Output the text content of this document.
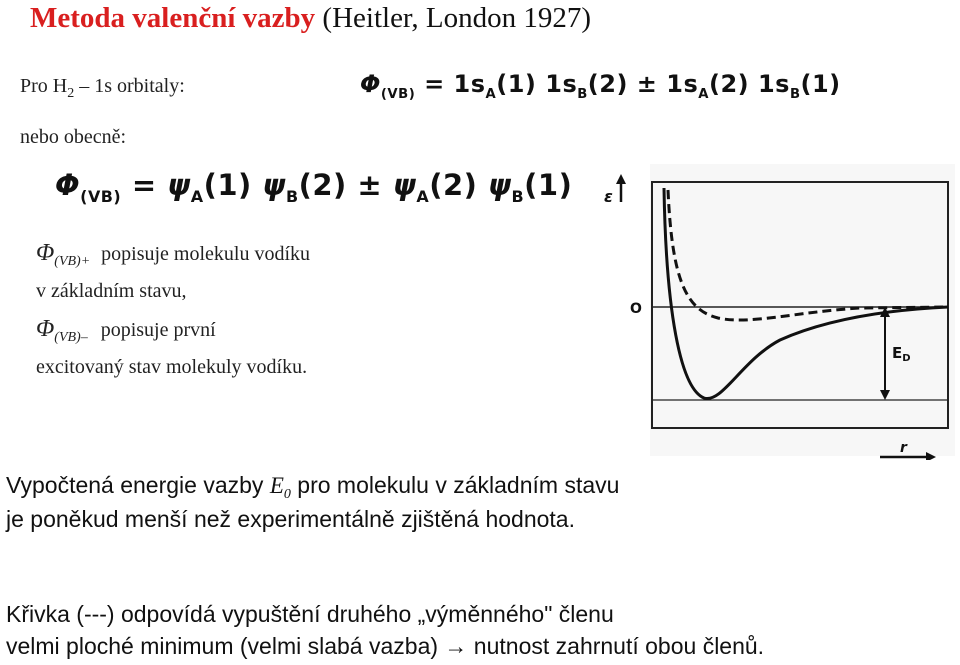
Metoda valenční vazby (Heitler, London 1927)
Pro $H_2 - 1s$ orbitaly:	$\Phi_{(VB)} = 1s_A(1) 1s_B(2) \pm 1s_A(2)$ $1s_B(1)$
nebo obecně:
$\Phi_{(VB)} = \psi_A(1) \psi_B(2) \pm \psi_A(2)$ $\psi_B(1)$
$\Phi_{(VB)+}$ popisuje molekulu vodíku
v základním stavu,
$\Phi_{(VB)-}$ popisuje první
excitovaný stav molekuly vodíku.
ε
O
$E_D$
r
Vypočtená energie vazby $E_0$ pro molekulu v základním stavu
je poněkud menší než experimentálně zjištěná hodnota.
Křivka (---) odpovídá vypuštění druhého „výměnného" členu
velmi ploché minimum (velmi slabá vazba) → nutnost zahrnutí obou členů.
